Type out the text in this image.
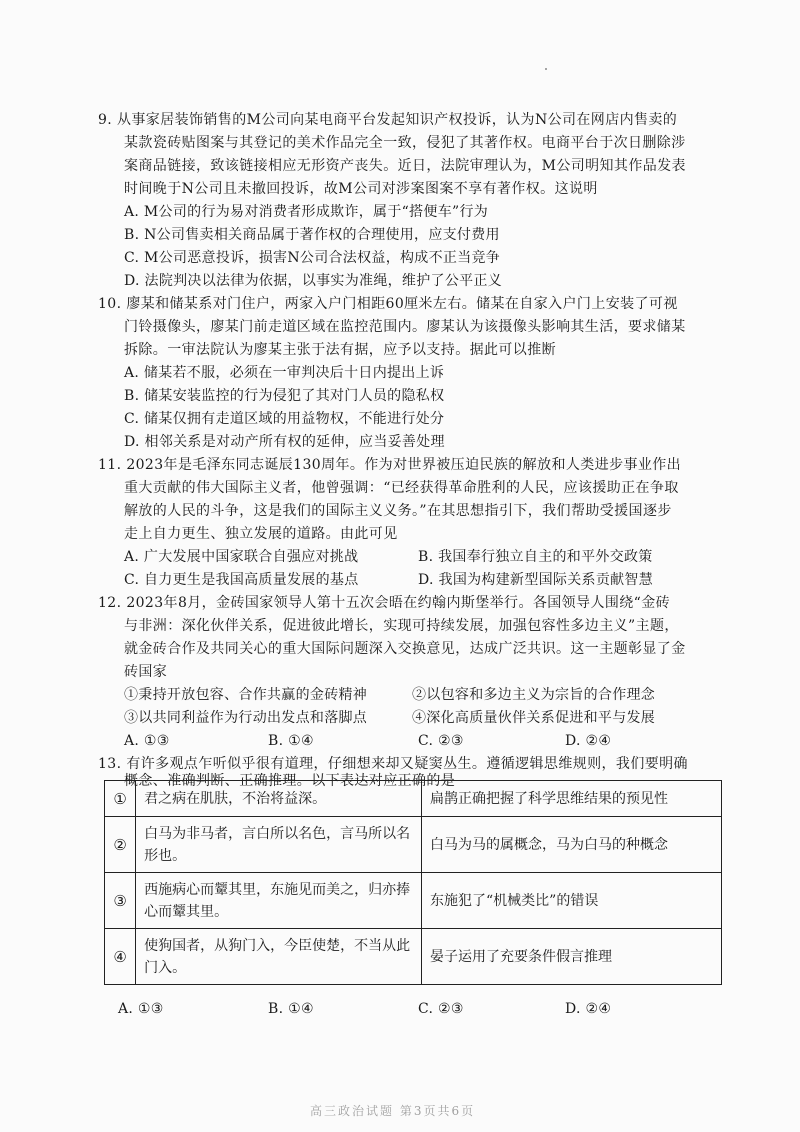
9. 从事家居装饰销售的M公司向某电商平台发起知识产权投诉，认为N公司在网店内售卖的
某款瓷砖贴图案与其登记的美术作品完全一致，侵犯了其著作权。电商平台于次日删除涉
案商品链接，致该链接相应无形资产丧失。近日，法院审理认为，M公司明知其作品发表
时间晚于N公司且未撤回投诉，故M公司对涉案图案不享有著作权。这说明
A. M公司的行为易对消费者形成欺诈，属于“搭便车”行为
B. N公司售卖相关商品属于著作权的合理使用，应支付费用
C. M公司恶意投诉，损害N公司合法权益，构成不正当竞争
D. 法院判决以法律为依据，以事实为准绳，维护了公平正义
10. 廖某和储某系对门住户，两家入户门相距60厘米左右。储某在自家入户门上安装了可视
门铃摄像头，廖某门前走道区域在监控范围内。廖某认为该摄像头影响其生活，要求储某
拆除。一审法院认为廖某主张于法有据，应予以支持。据此可以推断
A. 储某若不服，必须在一审判决后十日内提出上诉
B. 储某安装监控的行为侵犯了其对门人员的隐私权
C. 储某仅拥有走道区域的用益物权，不能进行处分
D. 相邻关系是对动产所有权的延伸，应当妥善处理
11. 2023年是毛泽东同志诞辰130周年。作为对世界被压迫民族的解放和人类进步事业作出
重大贡献的伟大国际主义者，他曾强调：“已经获得革命胜利的人民，应该援助正在争取
解放的人民的斗争，这是我们的国际主义义务。”在其思想指引下，我们帮助受援国逐步
走上自力更生、独立发展的道路。由此可见
A. 广大发展中国家联合自强应对挑战	B. 我国奉行独立自主的和平外交政策
C. 自力更生是我国高质量发展的基点	D. 我国为构建新型国际关系贡献智慧
12. 2023年8月，金砖国家领导人第十五次会晤在约翰内斯堡举行。各国领导人围绕“金砖
与非洲：深化伙伴关系，促进彼此增长，实现可持续发展，加强包容性多边主义”主题，
就金砖合作及共同关心的重大国际问题深入交换意见，达成广泛共识。这一主题彰显了金
砖国家
①秉持开放包容、合作共赢的金砖精神	②以包容和多边主义为宗旨的合作理念
③以共同利益作为行动出发点和落脚点	④深化高质量伙伴关系促进和平与发展
A. ①③	B. ①④	C. ②③	D. ②④
13. 有许多观点乍听似乎很有道理，仔细想来却又疑窦丛生。遵循逻辑思维规则，我们要明确
概念、准确判断、正确推理。以下表达对应正确的是
①	君之病在肌肤，不治将益深。	扁鹊正确把握了科学思维结果的预见性
②	白马为非马者，言白所以名色，言马所以名形也。	白马为马的属概念，马为白马的种概念
③	西施病心而颦其里，东施见而美之，归亦捧心而颦其里。	东施犯了“机械类比”的错误
④	使狗国者，从狗门入，今臣使楚，不当从此门入。	晏子运用了充要条件假言推理
A. ①③	B. ①④	C. ②③	D. ②④
高三政治试题 第3页共6页
